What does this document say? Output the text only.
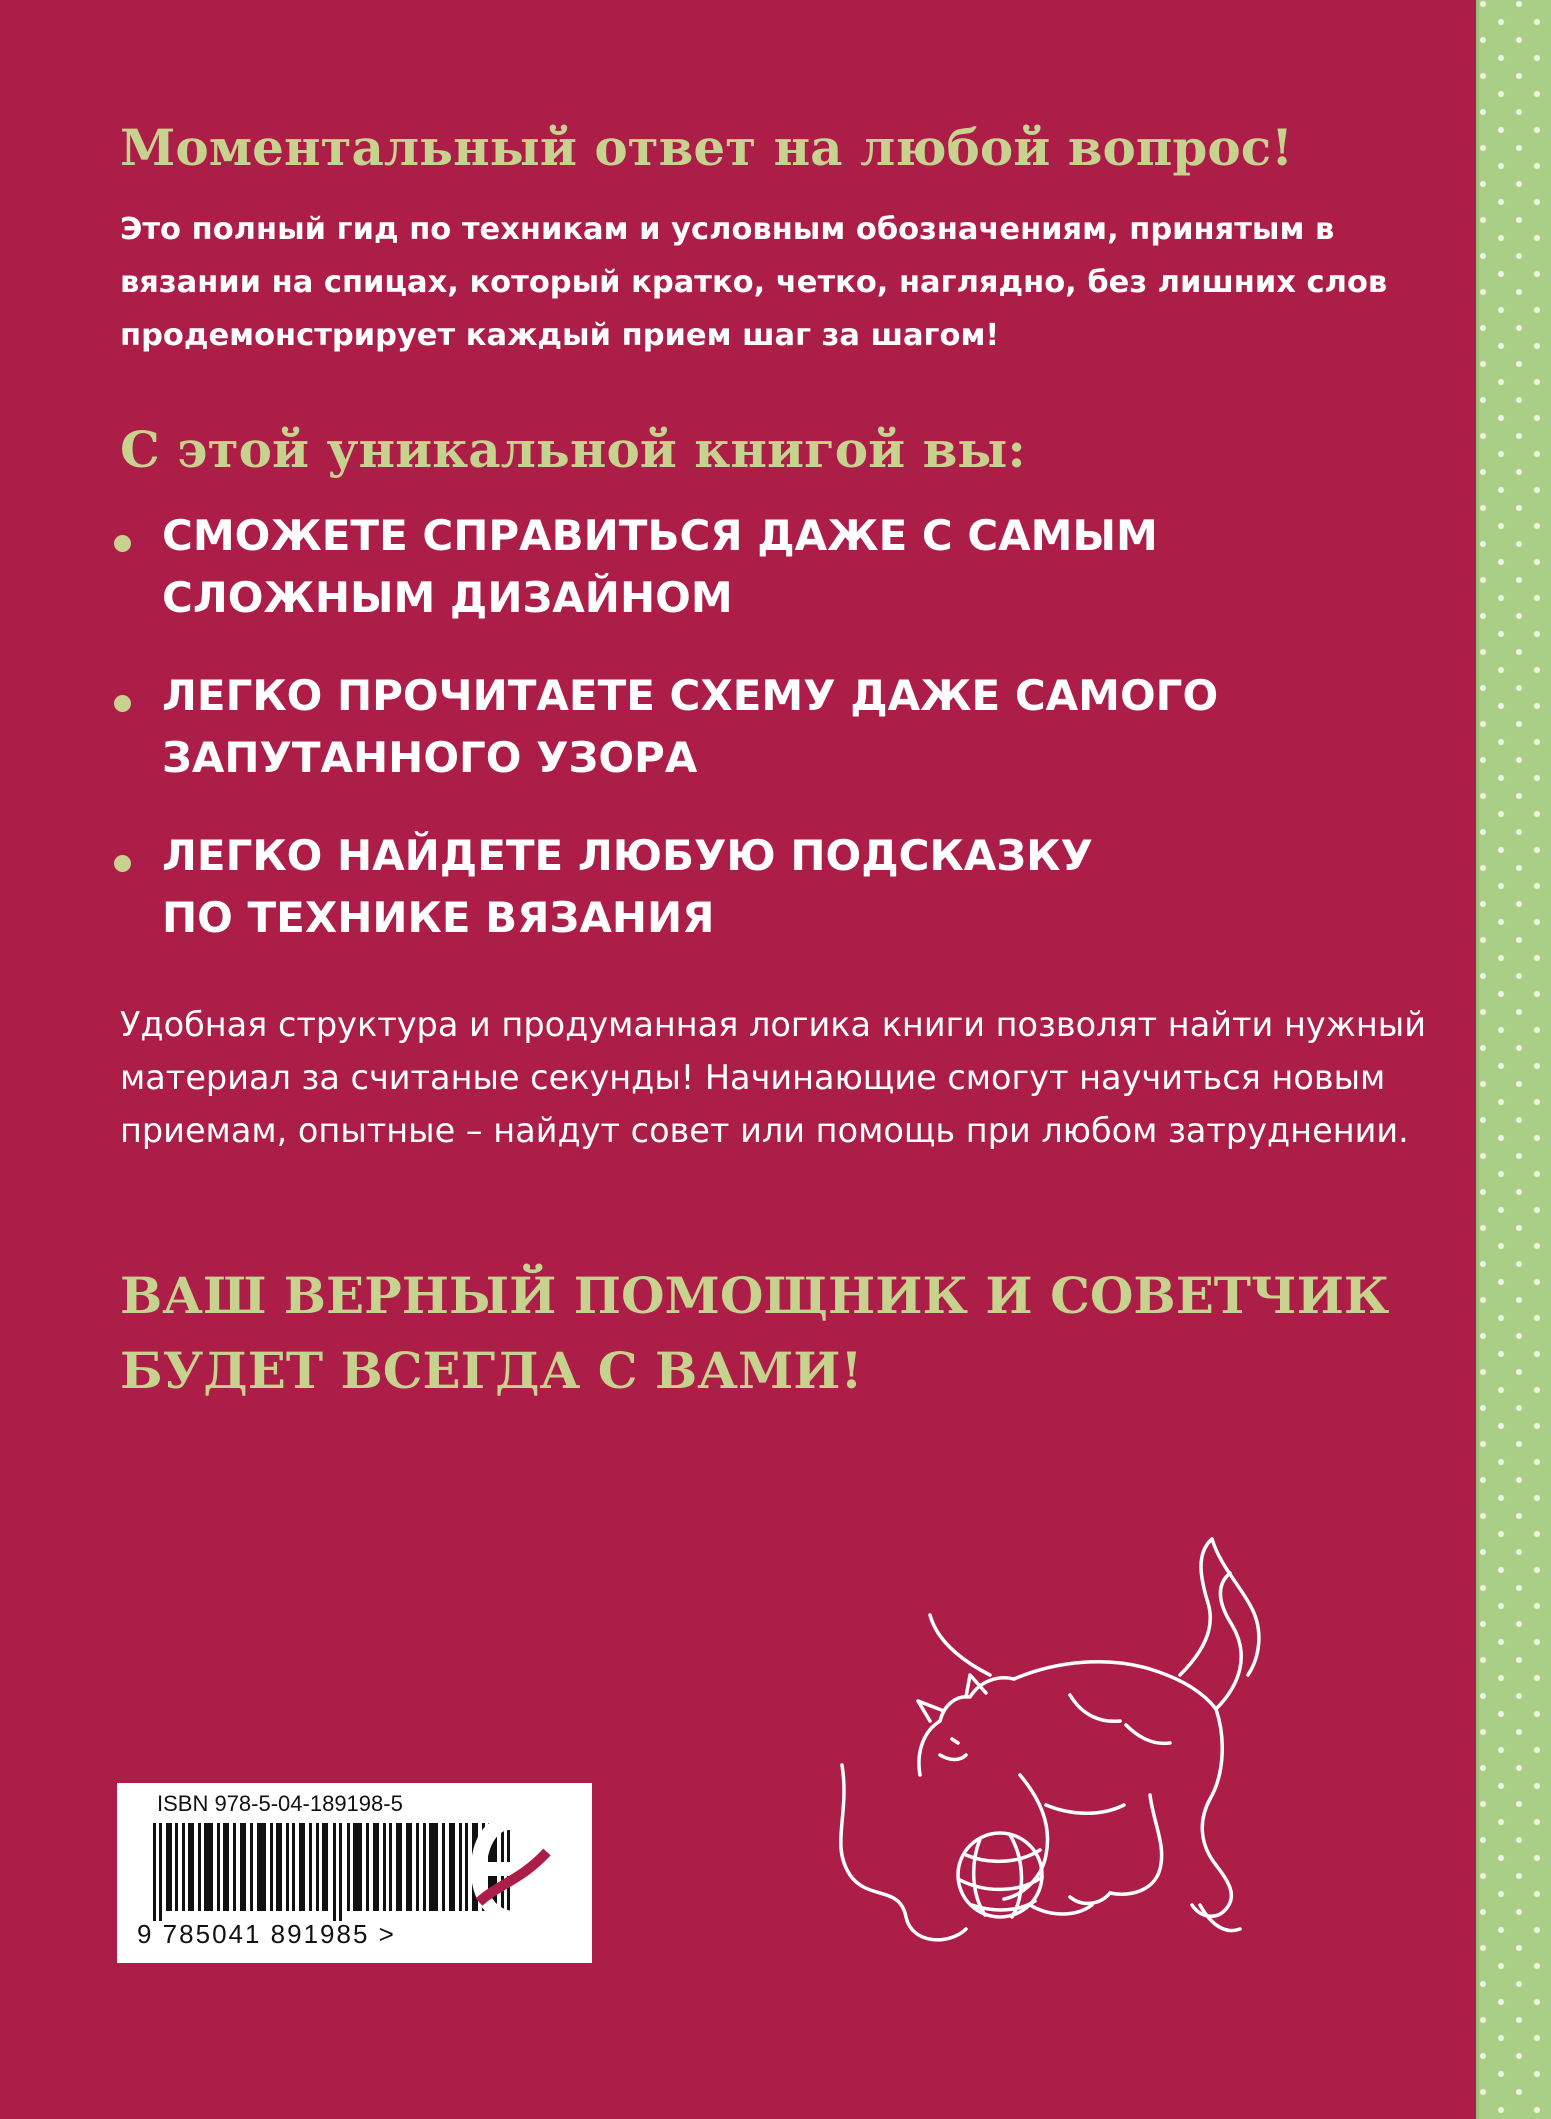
Моментальный ответ на любой вопрос!

Это полный гид по техникам и условным обозначениям, принятым в вязании на спицах, который кратко, четко, наглядно, без лишних слов продемонстрирует каждый прием шаг за шагом!

С этой уникальной книгой вы:

СМОЖЕТЕ СПРАВИТЬСЯ ДАЖЕ С САМЫМ
СЛОЖНЫМ ДИЗАЙНОМ

ЛЕГКО ПРОЧИТАЕТЕ СХЕМУ ДАЖЕ САМОГО
ЗАПУТАННОГО УЗОРА

ЛЕГКО НАЙДЕТЕ ЛЮБУЮ ПОДСКАЗКУ
ПО ТЕХНИКЕ ВЯЗАНИЯ

Удобная структура и продуманная логика книги позволят найти нужный материал за считаные секунды! Начинающие смогут научиться новым приемам, опытные – найдут совет или помощь при любом затруднении.

ВАШ ВЕРНЫЙ ПОМОЩНИК И СОВЕТЧИК
БУДЕТ ВСЕГДА С ВАМИ!

ISBN 978-5-04-189198-5
9 785041 891985 >
